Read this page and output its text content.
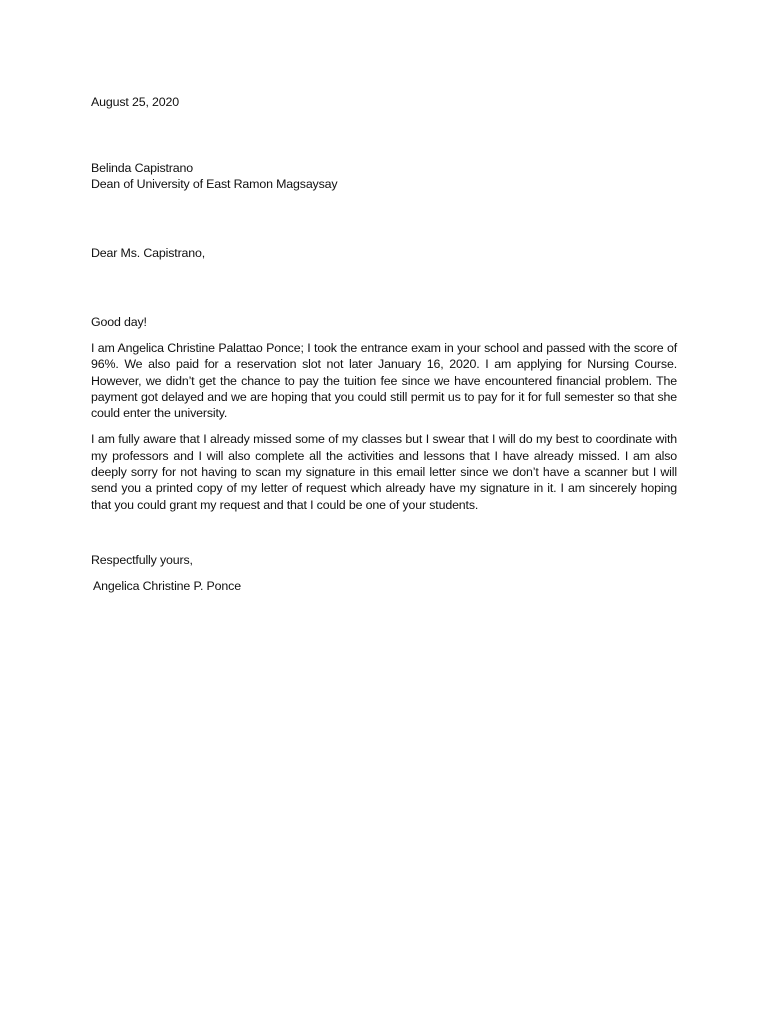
August 25, 2020
Belinda Capistrano
Dean of University of East Ramon Magsaysay
Dear Ms. Capistrano,
Good day!

I am Angelica Christine Palattao Ponce; I took the entrance exam in your school and passed with the score of 96%. We also paid for a reservation slot not later January 16, 2020. I am applying for Nursing Course. However, we didn’t get the chance to pay the tuition fee since we have encountered financial problem. The payment got delayed and we are hoping that you could still permit us to pay for it for full semester so that she could enter the university.

I am fully aware that I already missed some of my classes but I swear that I will do my best to coordinate with my professors and I will also complete all the activities and lessons that I have already missed. I am also deeply sorry for not having to scan my signature in this email letter since we don’t have a scanner but I will send you a printed copy of my letter of request which already have my signature in it. I am sincerely hoping that you could grant my request and that I could be one of your students.

Respectfully yours,
Angelica Christine P. Ponce
